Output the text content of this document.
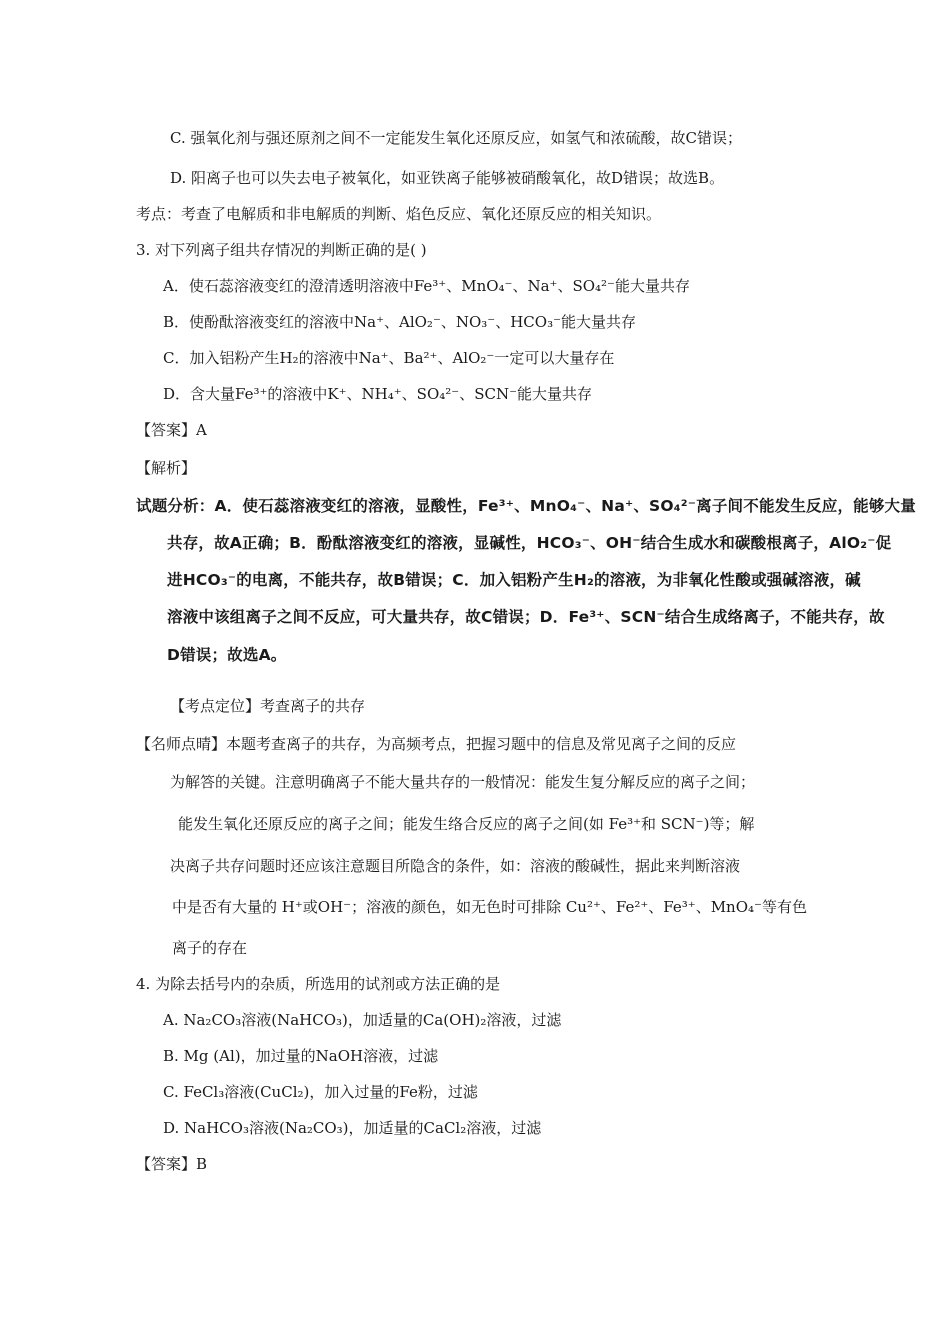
C. 强氧化剂与强还原剂之间不一定能发生氧化还原反应，如氢气和浓硫酸，故C错误；
D. 阳离子也可以失去电子被氧化，如亚铁离子能够被硝酸氧化，故D错误；故选B。
考点：考查了电解质和非电解质的判断、焰色反应、氧化还原反应的相关知识。
3. 对下列离子组共存情况的判断正确的是( )
A．使石蕊溶液变红的澄清透明溶液中Fe³⁺、MnO₄⁻、Na⁺、SO₄²⁻能大量共存
B．使酚酞溶液变红的溶液中Na⁺、AlO₂⁻、NO₃⁻、HCO₃⁻能大量共存
C．加入铝粉产生H₂的溶液中Na⁺、Ba²⁺、AlO₂⁻一定可以大量存在
D．含大量Fe³⁺的溶液中K⁺、NH₄⁺、SO₄²⁻、SCN⁻能大量共存
【答案】A
【解析】
试题分析：A．使石蕊溶液变红的溶液，显酸性，Fe³⁺、MnO₄⁻、Na⁺、SO₄²⁻离子间不能发生反应，能够大量
共存，故A正确；B．酚酞溶液变红的溶液，显碱性，HCO₃⁻、OH⁻结合生成水和碳酸根离子，AlO₂⁻促
进HCO₃⁻的电离，不能共存，故B错误；C．加入铝粉产生H₂的溶液，为非氧化性酸或强碱溶液，碱
溶液中该组离子之间不反应，可大量共存，故C错误；D．Fe³⁺、SCN⁻结合生成络离子，不能共存，故
D错误；故选A。
【考点定位】考查离子的共存
【名师点晴】本题考查离子的共存，为高频考点，把握习题中的信息及常见离子之间的反应
为解答的关键。注意明确离子不能大量共存的一般情况：能发生复分解反应的离子之间；
能发生氧化还原反应的离子之间；能发生络合反应的离子之间(如 Fe³⁺和 SCN⁻)等；解
决离子共存问题时还应该注意题目所隐含的条件，如：溶液的酸碱性，据此来判断溶液
中是否有大量的 H⁺或OH⁻；溶液的颜色，如无色时可排除 Cu²⁺、Fe²⁺、Fe³⁺、MnO₄⁻等有色
离子的存在
4. 为除去括号内的杂质，所选用的试剂或方法正确的是
A. Na₂CO₃溶液(NaHCO₃)，加适量的Ca(OH)₂溶液，过滤
B. Mg (Al)，加过量的NaOH溶液，过滤
C. FeCl₃溶液(CuCl₂)，加入过量的Fe粉，过滤
D. NaHCO₃溶液(Na₂CO₃)，加适量的CaCl₂溶液，过滤
【答案】B
